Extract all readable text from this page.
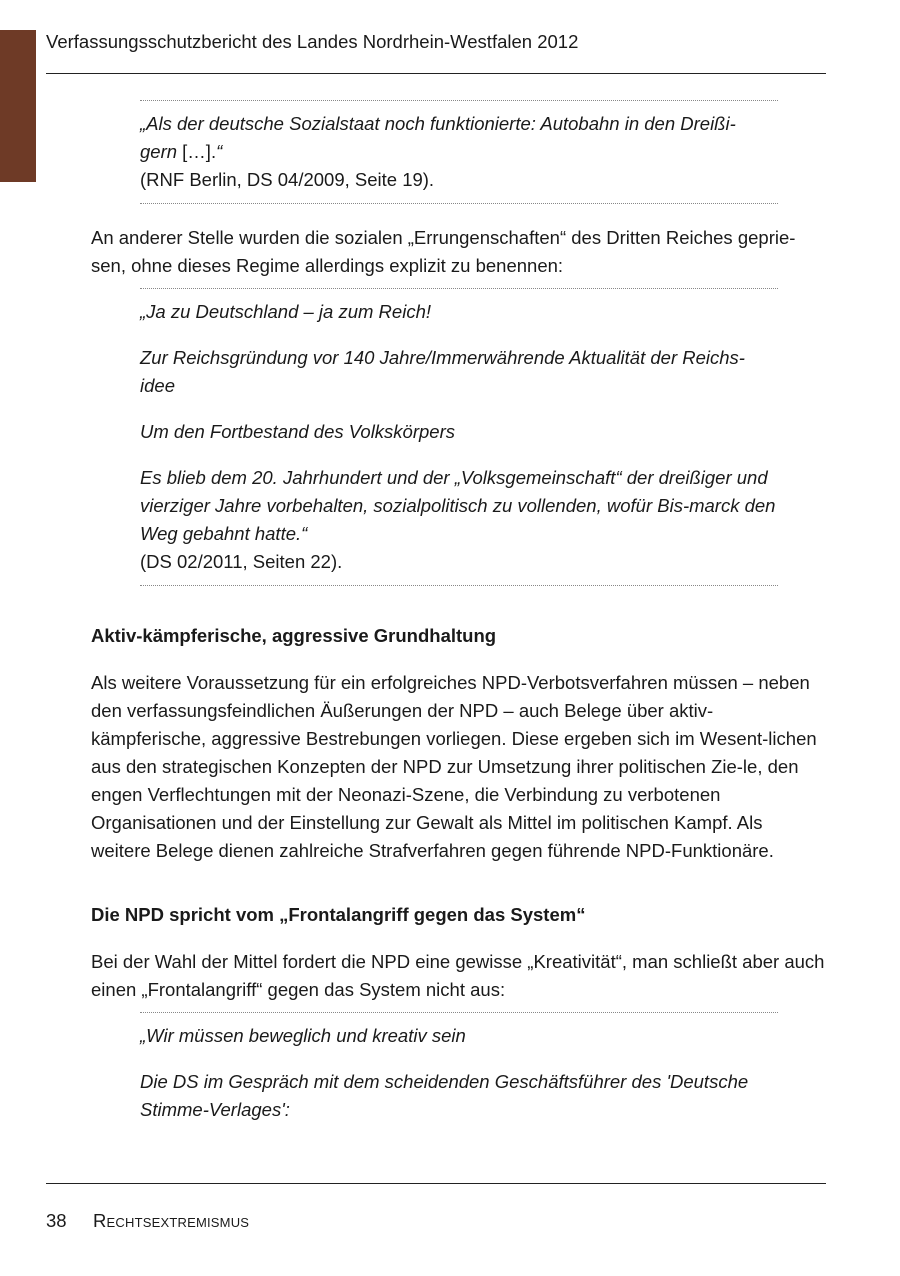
Verfassungsschutzbericht des Landes Nordrhein-Westfalen 2012

„Als der deutsche Sozialstaat noch funktionierte: Autobahn in den Dreißi-
gern […].“
(RNF Berlin, DS 04/2009, Seite 19).

An anderer Stelle wurden die sozialen „Errungenschaften“ des Dritten Reiches geprie-sen, ohne dieses Regime allerdings explizit zu benennen:

„Ja zu Deutschland – ja zum Reich!

Zur Reichsgründung vor 140 Jahre/Immerwährende Aktualität der Reichs-idee

Um den Fortbestand des Volkskörpers

Es blieb dem 20. Jahrhundert und der „Volksgemeinschaft“ der dreißiger und vierziger Jahre vorbehalten, sozialpolitisch zu vollenden, wofür Bis-marck den Weg gebahnt hatte.“
(DS 02/2011, Seiten 22).

Aktiv-kämpferische, aggressive Grundhaltung

Als weitere Voraussetzung für ein erfolgreiches NPD-Verbotsverfahren müssen – neben den verfassungsfeindlichen Äußerungen der NPD – auch Belege über aktiv-kämpferische, aggressive Bestrebungen vorliegen. Diese ergeben sich im Wesent-lichen aus den strategischen Konzepten der NPD zur Umsetzung ihrer politischen Zie-le, den engen Verflechtungen mit der Neonazi-Szene, die Verbindung zu verbotenen Organisationen und der Einstellung zur Gewalt als Mittel im politischen Kampf. Als weitere Belege dienen zahlreiche Strafverfahren gegen führende NPD-Funktionäre.

Die NPD spricht vom „Frontalangriff gegen das System“

Bei der Wahl der Mittel fordert die NPD eine gewisse „Kreativität“, man schließt aber auch einen „Frontalangriff“ gegen das System nicht aus:

„Wir müssen beweglich und kreativ sein

Die DS im Gespräch mit dem scheidenden Geschäftsführer des 'Deutsche Stimme-Verlages':

38 Rechtsextremismus
